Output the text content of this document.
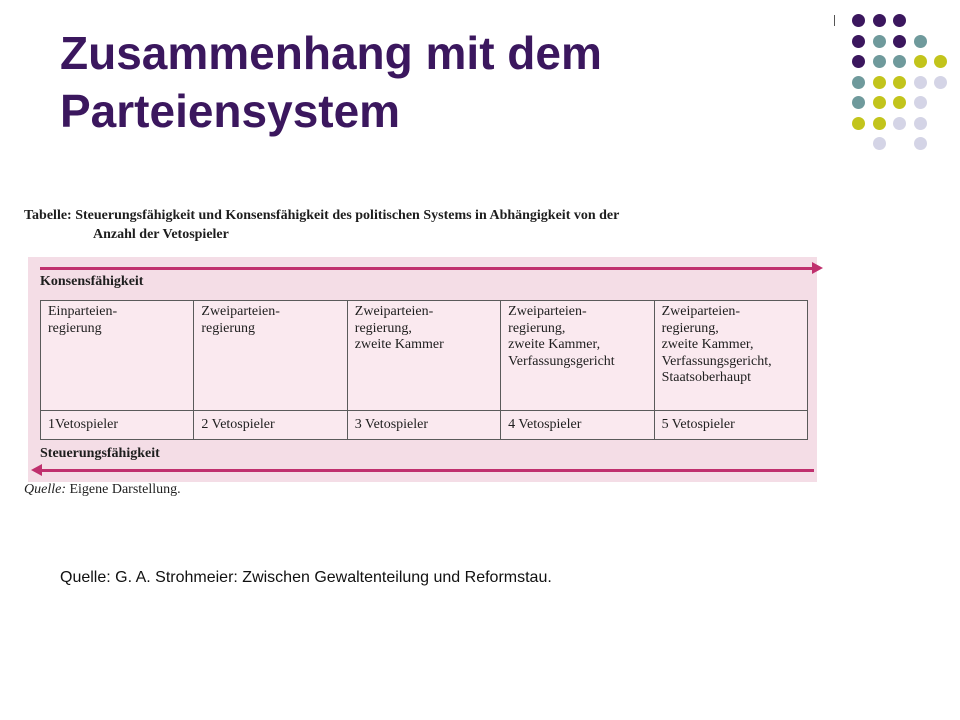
Zusammenhang mit dem Parteiensystem
Tabelle: Steuerungsfähigkeit und Konsensfähigkeit des politischen Systems in Abhängigkeit von der
Anzahl der Vetospieler
Konsensfähigkeit
Einparteien-
regierung	Zweiparteien-
regierung	Zweiparteien-
regierung,
zweite Kammer	Zweiparteien-
regierung,
zweite Kammer,
Verfassungsgericht	Zweiparteien-
regierung,
zweite Kammer,
Verfassungsgericht,
Staatsoberhaupt

1Vetospieler	2 Vetospieler	3 Vetospieler	4 Vetospieler	5 Vetospieler
Steuerungsfähigkeit
Quelle: Eigene Darstellung.
Quelle: G. A. Strohmeier: Zwischen Gewaltenteilung und Reformstau.
